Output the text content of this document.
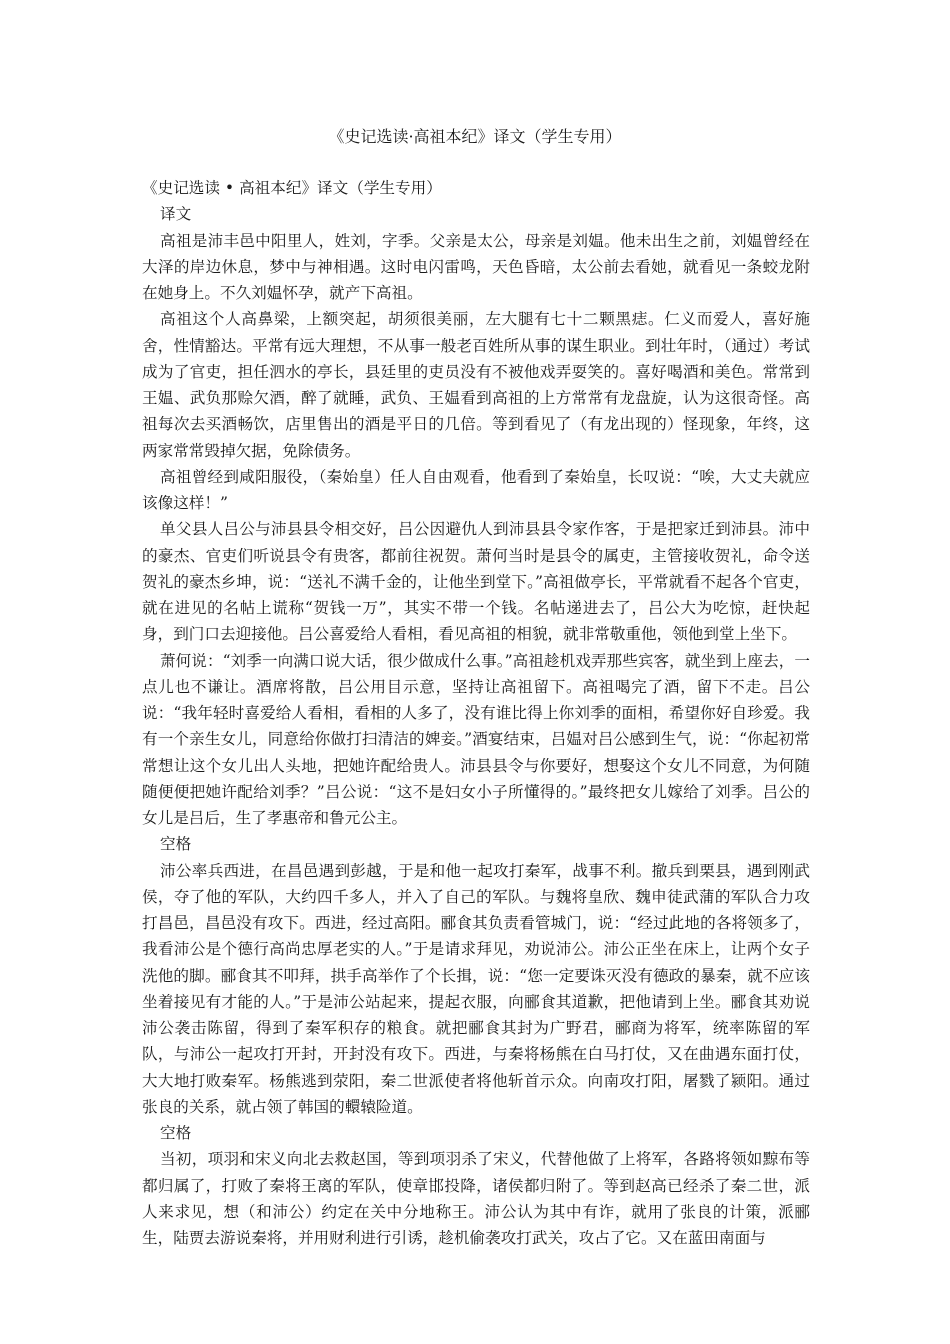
《史记选读·高祖本纪》译文（学生专用）

《史记选读 • 高祖本纪》译文（学生专用）

译文

高祖是沛丰邑中阳里人，姓刘，字季。父亲是太公，母亲是刘媪。他未出生之前，刘媪曾经在大泽的岸边休息，梦中与神相遇。这时电闪雷鸣，天色昏暗，太公前去看她，就看见一条蛟龙附在她身上。不久刘媪怀孕，就产下高祖。

高祖这个人高鼻梁，上额突起，胡须很美丽，左大腿有七十二颗黑痣。仁义而爱人，喜好施舍，性情豁达。平常有远大理想，不从事一般老百姓所从事的谋生职业。到壮年时，（通过）考试成为了官吏，担任泗水的亭长，县廷里的吏员没有不被他戏弄耍笑的。喜好喝酒和美色。常常到王媪、武负那赊欠酒，醉了就睡，武负、王媪看到高祖的上方常常有龙盘旋，认为这很奇怪。高祖每次去买酒畅饮，店里售出的酒是平日的几倍。等到看见了（有龙出现的）怪现象，年终，这两家常常毁掉欠据，免除债务。

高祖曾经到咸阳服役，（秦始皇）任人自由观看，他看到了秦始皇，长叹说：“唉，大丈夫就应该像这样！”

单父县人吕公与沛县县令相交好，吕公因避仇人到沛县县令家作客，于是把家迁到沛县。沛中的豪杰、官吏们听说县令有贵客，都前往祝贺。萧何当时是县令的属吏，主管接收贺礼，命令送贺礼的豪杰乡坤，说：“送礼不满千金的，让他坐到堂下。”高祖做亭长，平常就看不起各个官吏，就在进见的名帖上谎称“贺钱一万”，其实不带一个钱。名帖递进去了，吕公大为吃惊，赶快起身，到门口去迎接他。吕公喜爱给人看相，看见高祖的相貌，就非常敬重他，领他到堂上坐下。

萧何说：“刘季一向满口说大话，很少做成什么事。”高祖趁机戏弄那些宾客，就坐到上座去，一点儿也不谦让。酒席将散，吕公用目示意，坚持让高祖留下。高祖喝完了酒，留下不走。吕公说：“我年轻时喜爱给人看相，看相的人多了，没有谁比得上你刘季的面相，希望你好自珍爱。我有一个亲生女儿，同意给你做打扫清洁的婢妾。”酒宴结束，吕媪对吕公感到生气，说：“你起初常常想让这个女儿出人头地，把她许配给贵人。沛县县令与你要好，想娶这个女儿不同意，为何随随便便把她许配给刘季？”吕公说：“这不是妇女小子所懂得的。”最终把女儿嫁给了刘季。吕公的女儿是吕后，生了孝惠帝和鲁元公主。

空格

沛公率兵西进，在昌邑遇到彭越，于是和他一起攻打秦军，战事不利。撤兵到栗县，遇到刚武侯，夺了他的军队，大约四千多人，并入了自己的军队。与魏将皇欣、魏申徒武蒲的军队合力攻打昌邑，昌邑没有攻下。西进，经过高阳。郦食其负责看管城门，说：“经过此地的各将领多了，我看沛公是个德行高尚忠厚老实的人。”于是请求拜见，劝说沛公。沛公正坐在床上，让两个女子洗他的脚。郦食其不叩拜，拱手高举作了个长揖，说：“您一定要诛灭没有德政的暴秦，就不应该坐着接见有才能的人。”于是沛公站起来，提起衣服，向郦食其道歉，把他请到上坐。郦食其劝说沛公袭击陈留，得到了秦军积存的粮食。就把郦食其封为广野君，郦商为将军，统率陈留的军队，与沛公一起攻打开封，开封没有攻下。西进，与秦将杨熊在白马打仗，又在曲遇东面打仗，大大地打败秦军。杨熊逃到荥阳，秦二世派使者将他斩首示众。向南攻打阳，屠戮了颍阳。通过张良的关系，就占领了韩国的轘辕险道。

空格

当初，项羽和宋义向北去救赵国，等到项羽杀了宋义，代替他做了上将军，各路将领如黥布等都归属了，打败了秦将王离的军队，使章邯投降，诸侯都归附了。等到赵高已经杀了秦二世，派人来求见，想（和沛公）约定在关中分地称王。沛公认为其中有诈，就用了张良的计策，派郦生，陆贾去游说秦将，并用财利进行引诱，趁机偷袭攻打武关，攻占了它。又在蓝田南面与
